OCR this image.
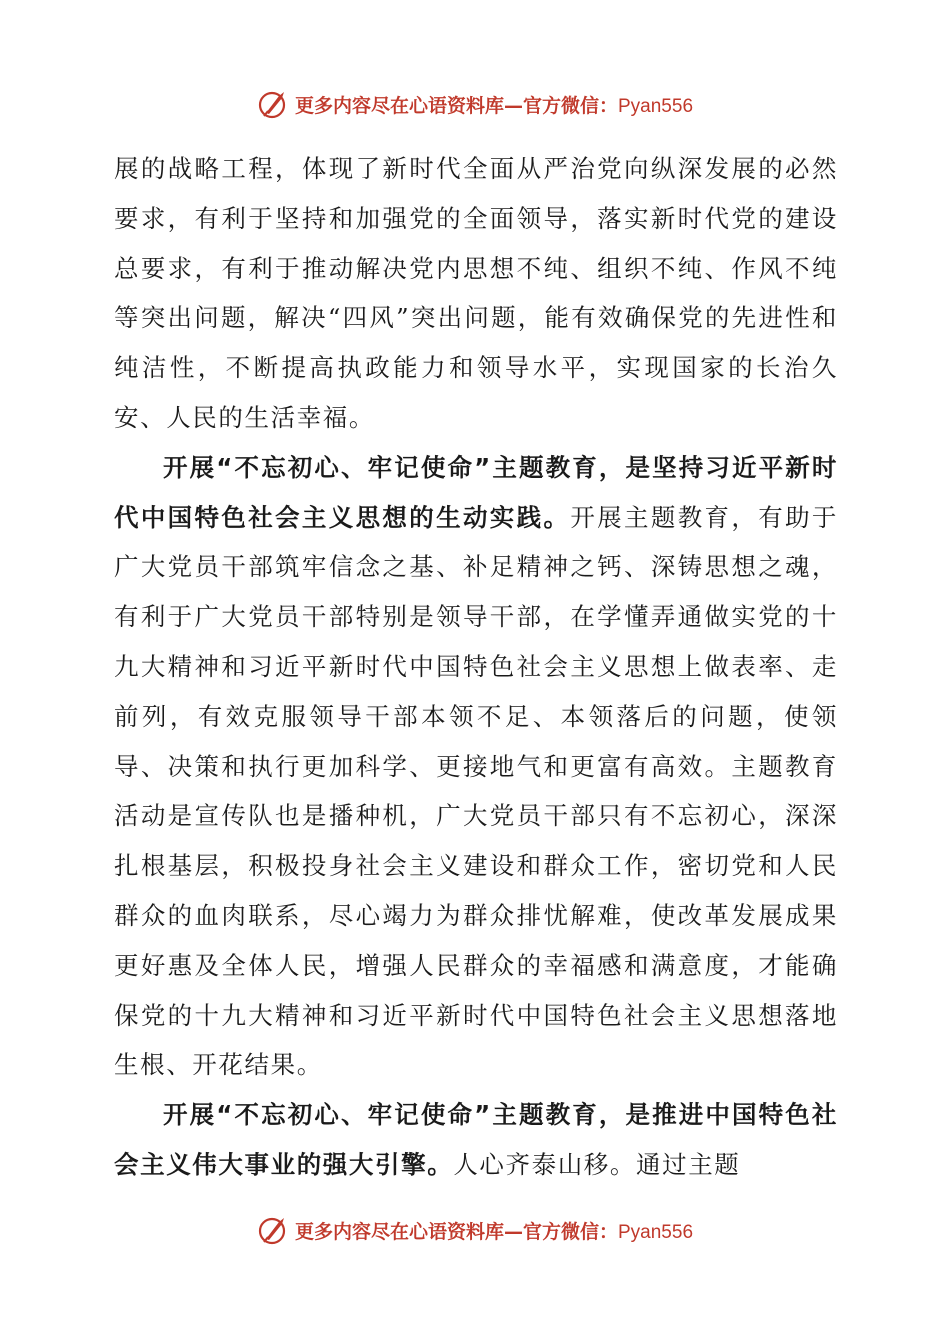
更多内容尽在心语资料库—官方微信：Pyan556

展的战略工程，体现了新时代全面从严治党向纵深发展的必然要求，有利于坚持和加强党的全面领导，落实新时代党的建设总要求，有利于推动解决党内思想不纯、组织不纯、作风不纯等突出问题，解决“四风”突出问题，能有效确保党的先进性和纯洁性，不断提高执政能力和领导水平，实现国家的长治久安、人民的生活幸福。

开展“不忘初心、牢记使命”主题教育，是坚持习近平新时代中国特色社会主义思想的生动实践。开展主题教育，有助于广大党员干部筑牢信念之基、补足精神之钙、深铸思想之魂，有利于广大党员干部特别是领导干部，在学懂弄通做实党的十九大精神和习近平新时代中国特色社会主义思想上做表率、走前列，有效克服领导干部本领不足、本领落后的问题，使领导、决策和执行更加科学、更接地气和更富有高效。主题教育活动是宣传队也是播种机，广大党员干部只有不忘初心，深深扎根基层，积极投身社会主义建设和群众工作，密切党和人民群众的血肉联系，尽心竭力为群众排忧解难，使改革发展成果更好惠及全体人民，增强人民群众的幸福感和满意度，才能确保党的十九大精神和习近平新时代中国特色社会主义思想落地生根、开花结果。

开展“不忘初心、牢记使命”主题教育，是推进中国特色社会主义伟大事业的强大引擎。人心齐泰山移。通过主题

更多内容尽在心语资料库—官方微信：Pyan556
